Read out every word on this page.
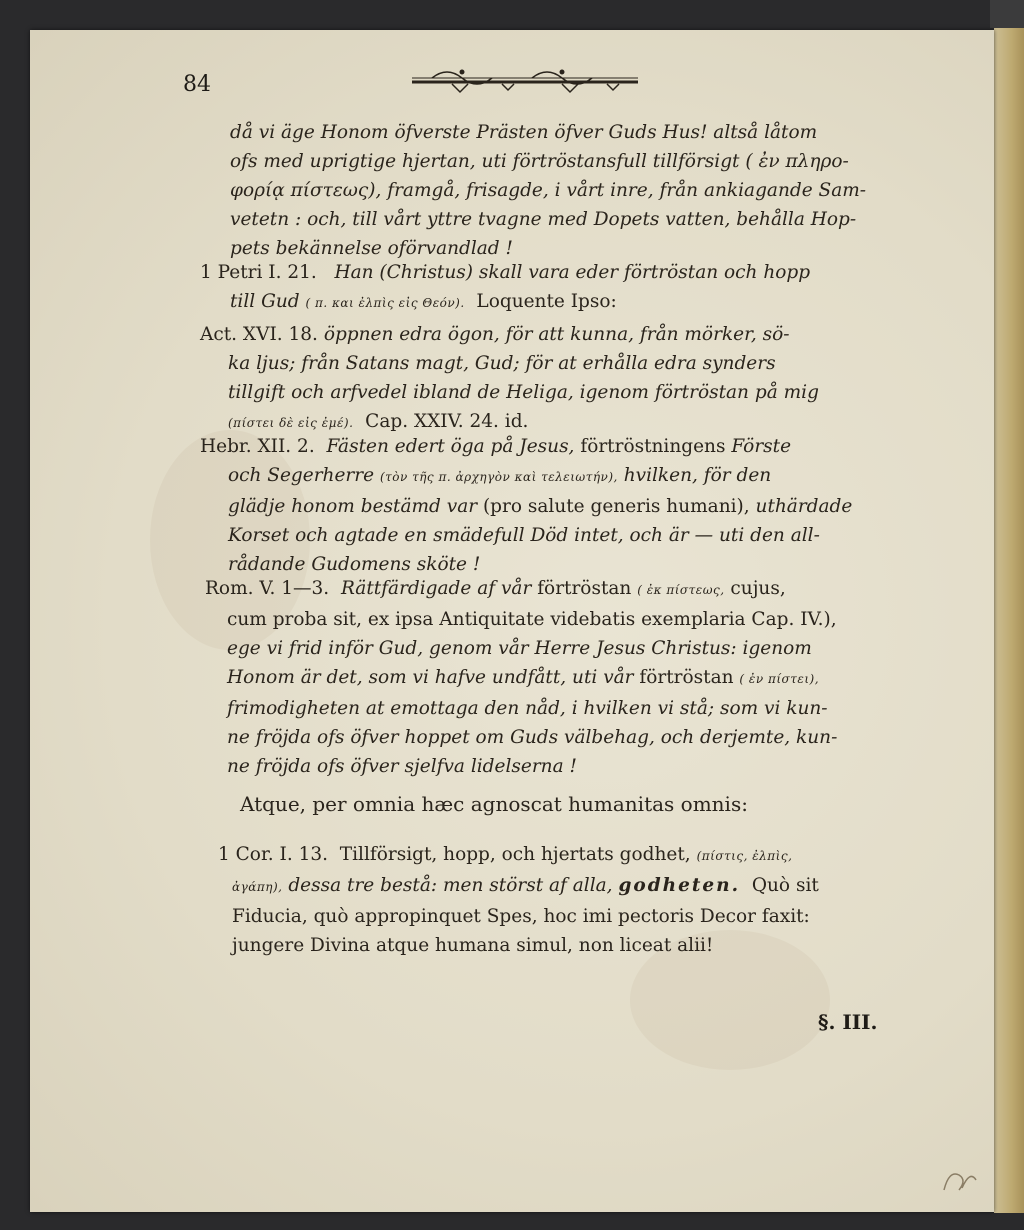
84

då vi äge Honom öfverste Prästen öfver Guds Hus! altså låtom

ofs med uprigtige hjertan, uti förtröstansfull tillförsigt ( ἐν πληρο-

φορίᾳ πίστεως), framgå, frisagde, i vårt inre, från ankiagande Sam-

vetetn : och, till vårt yttre tvagne med Dopets vatten, behålla Hop-

pets bekännelse oförvandlad !

1 Petri I. 21. Han (Christus) skall vara eder förtröstan och hopp

till Gud ( π. και ἐλπὶς εἰς Θεόν). Loquente Ipso:

Act. XVI. 18. öppnen edra ögon, för att kunna, från mörker, sö-

ka ljus; från Satans magt, Gud; för at erhålla edra synders

tillgift och arfvedel ibland de Heliga, igenom förtröstan på mig

(πίστει δὲ εἰς ἐμέ). Cap. XXIV. 24. id.

Hebr. XII. 2. Fästen edert öga på Jesus, förtröstningens Förste

och Segerherre (τὸν τῆς π. ἀρχηγὸν καὶ τελειωτήν), hvilken, för den

glädje honom bestämd var (pro salute generis humani), uthärdade

Korset och agtade en smädefull Död intet, och är — uti den all-

rådande Gudomens sköte !

Rom. V. 1—3. Rättfärdigade af vår förtröstan ( ἐκ πίστεως, cujus,

cum proba sit, ex ipsa Antiquitate videbatis exemplaria Cap. IV.),

ege vi frid inför Gud, genom vår Herre Jesus Christus: igenom

Honom är det, som vi hafve undfått, uti vår förtröstan ( ἐν πίστει),

frimodigheten at emottaga den nåd, i hvilken vi stå; som vi kun-

ne fröjda ofs öfver hoppet om Guds välbehag, och derjemte, kun-

ne fröjda ofs öfver sjelfva lidelserna !

Atque, per omnia hæc agnoscat humanitas omnis:

1 Cor. I. 13. Tillförsigt, hopp, och hjertats godhet, (πίστις, ἐλπὶς,

ἀγάπη), dessa tre bestå: men störst af alla, godheten. Quò sit

Fiducia, quò appropinquet Spes, hoc imi pectoris Decor faxit:

jungere Divina atque humana simul, non liceat alii!

§. III.
